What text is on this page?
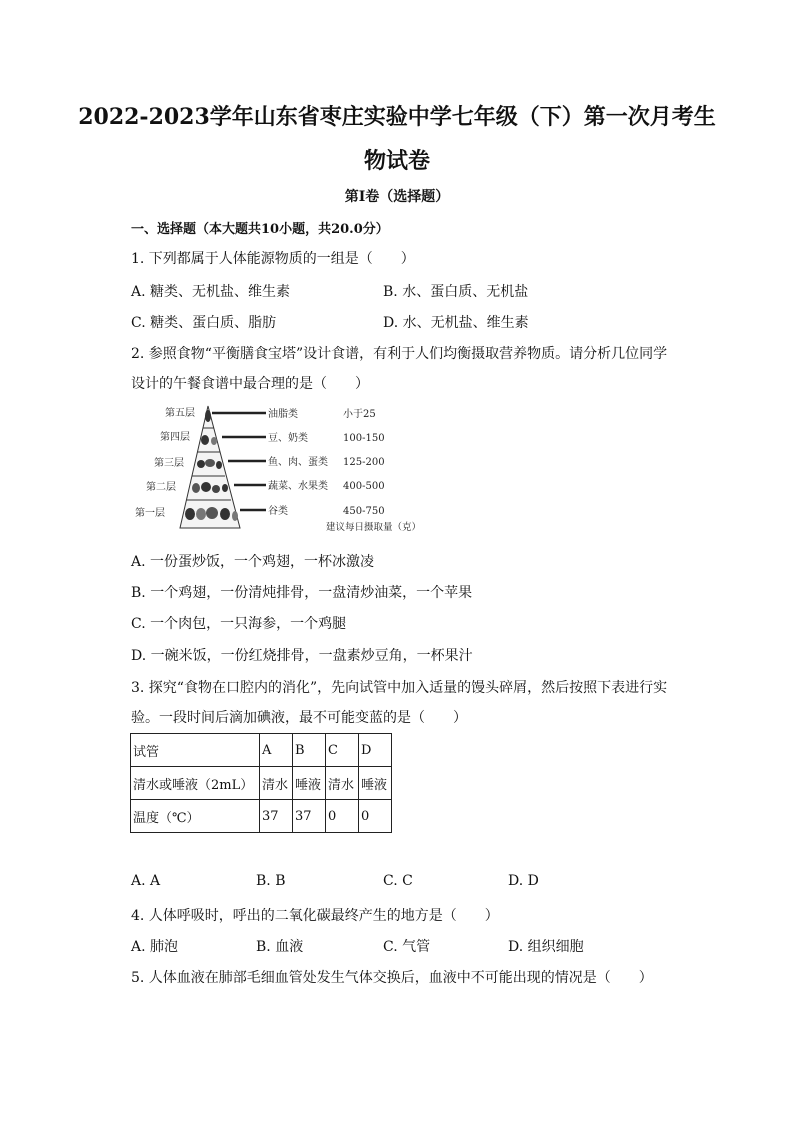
2022-2023学年山东省枣庄实验中学七年级（下）第一次月考生
物试卷
第Ⅰ卷（选择题）
一、选择题（本大题共10小题，共20.0分）
1. 下列都属于人体能源物质的一组是（　　）
A. 糖类、无机盐、维生素	B. 水、蛋白质、无机盐
C. 糖类、蛋白质、脂肪	D. 水、无机盐、维生素
2. 参照食物“平衡膳食宝塔”设计食谱，有利于人们均衡摄取营养物质。请分析几位同学
设计的午餐食谱中最合理的是（　　）
第五层
第四层
第三层
第二层
第一层
油脂类
豆、奶类
鱼、肉、蛋类
蔬菜、水果类
谷类
小于25
100-150
125-200
400-500
450-750
建议每日摄取量（克）
A. 一份蛋炒饭，一个鸡翅，一杯冰激凌
B. 一个鸡翅，一份清炖排骨，一盘清炒油菜，一个苹果
C. 一个肉包，一只海参，一个鸡腿
D. 一碗米饭，一份红烧排骨，一盘素炒豆角，一杯果汁
3. 探究“食物在口腔内的消化”，先向试管中加入适量的馒头碎屑，然后按照下表进行实
验。一段时间后滴加碘液，最不可能变蓝的是（　　）
试管	A	B	C	D
清水或唾液（2mL）	清水	唾液	清水	唾液
温度（℃）	37	37	0	0
A. A	B. B	C. C	D. D
4. 人体呼吸时，呼出的二氧化碳最终产生的地方是（　　）
A. 肺泡	B. 血液	C. 气管	D. 组织细胞
5. 人体血液在肺部毛细血管处发生气体交换后，血液中不可能出现的情况是（　　）
